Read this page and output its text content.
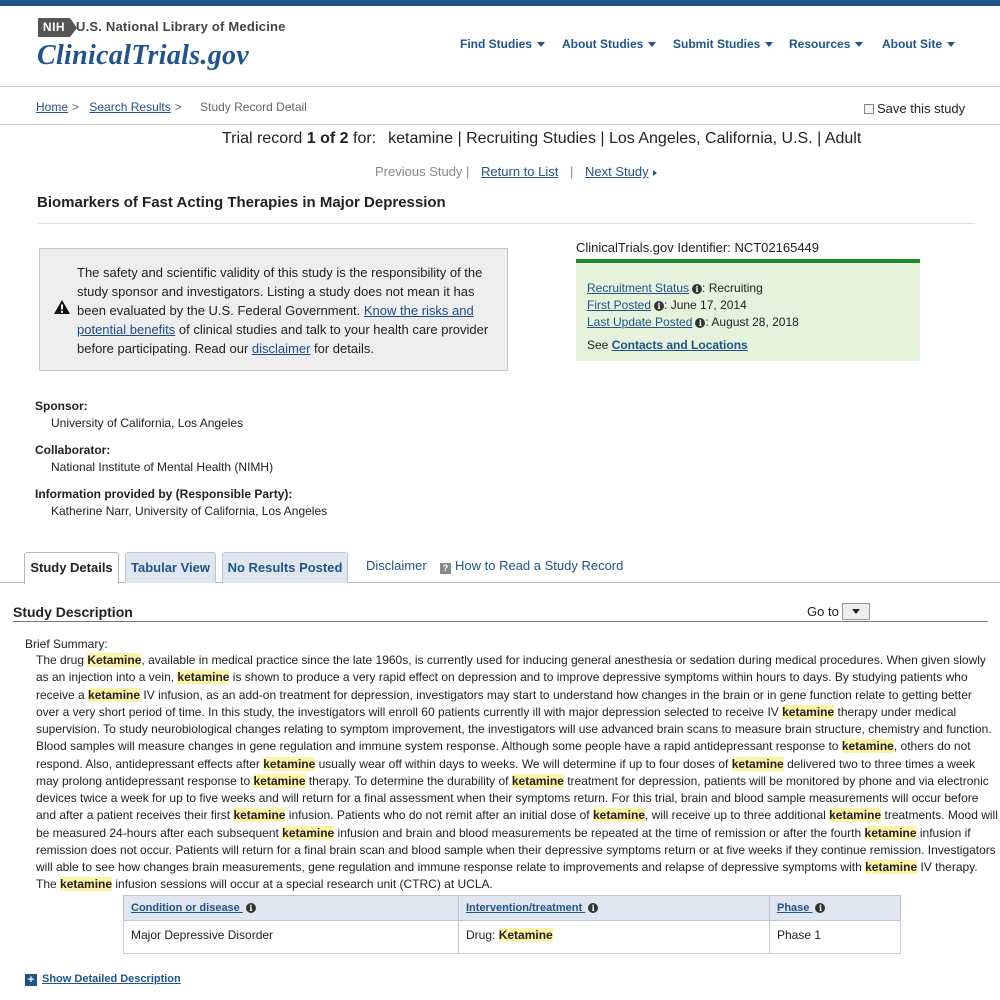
NIH U.S. National Library of Medicine
ClinicalTrials.gov	Find Studies	About Studies	Submit Studies	Resources	About Site
Home > Search Results > Study Record Detail	Save this study
Trial record 1 of 2 for: ketamine | Recruiting Studies | Los Angeles, California, U.S. | Adult
Previous Study | Return to List | Next Study
Biomarkers of Fast Acting Therapies in Major Depression
The safety and scientific validity of this study is the responsibility of the study sponsor and investigators. Listing a study does not mean it has been evaluated by the U.S. Federal Government. Know the risks and potential benefits of clinical studies and talk to your health care provider before participating. Read our disclaimer for details.
ClinicalTrials.gov Identifier: NCT02165449
Recruitment Status i : Recruiting
First Posted i : June 17, 2014
Last Update Posted i : August 28, 2018
See Contacts and Locations
Sponsor:
University of California, Los Angeles
Collaborator:
National Institute of Mental Health (NIMH)
Information provided by (Responsible Party):
Katherine Narr, University of California, Los Angeles
Study Details	Tabular View	No Results Posted	Disclaimer	? How to Read a Study Record
Study Description	Go to
Brief Summary:
The drug Ketamine, available in medical practice since the late 1960s, is currently used for inducing general anesthesia or sedation during medical procedures. When given slowly as an injection into a vein, ketamine is shown to produce a very rapid effect on depression and to improve depressive symptoms within hours to days. By studying patients who receive a ketamine IV infusion, as an add-on treatment for depression, investigators may start to understand how changes in the brain or in gene function relate to getting better over a very short period of time. In this study, the investigators will enroll 60 patients currently ill with major depression selected to receive IV ketamine therapy under medical supervision. To study neurobiological changes relating to symptom improvement, the investigators will use advanced brain scans to measure brain structure, chemistry and function. Blood samples will measure changes in gene regulation and immune system response. Although some people have a rapid antidepressant response to ketamine, others do not respond. Also, antidepressant effects after ketamine usually wear off within days to weeks. We will determine if up to four doses of ketamine delivered two to three times a week may prolong antidepressant response to ketamine therapy. To determine the durability of ketamine treatment for depression, patients will be monitored by phone and via electronic devices twice a week for up to five weeks and will return for a final assessment when their symptoms return. For this trial, brain and blood sample measurements will occur before and after a patient receives their first ketamine infusion. Patients who do not remit after an initial dose of ketamine, will receive up to three additional ketamine treatments. Mood will be measured 24-hours after each subsequent ketamine infusion and brain and blood measurements be repeated at the time of remission or after the fourth ketamine infusion if remission does not occur. Patients will return for a final brain scan and blood sample when their depressive symptoms return or at five weeks if they continue remission. Investigators will able to see how changes brain measurements, gene regulation and immune response relate to improvements and relapse of depressive symptoms with ketamine IV therapy. The ketamine infusion sessions will occur at a special research unit (CTRC) at UCLA.
Condition or disease i	Intervention/treatment i	Phase i
Major Depressive Disorder	Drug: Ketamine	Phase 1
+ Show Detailed Description
